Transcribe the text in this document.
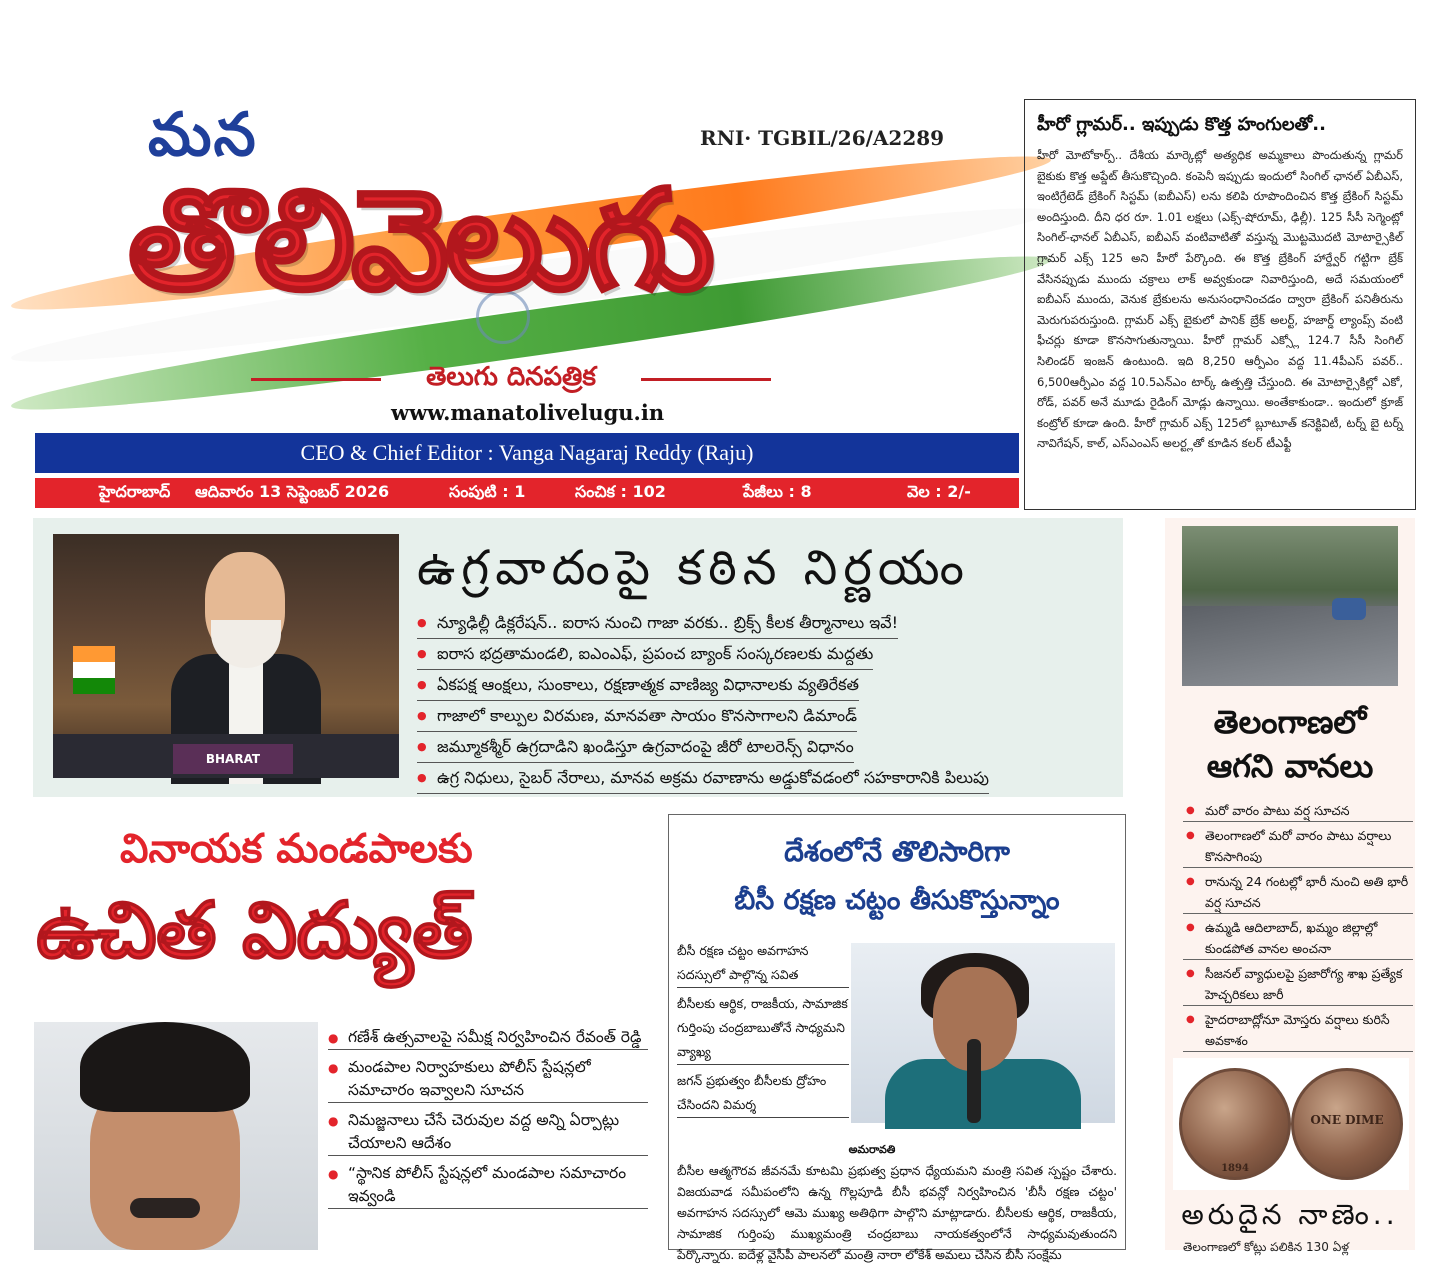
మన	RNI· TGBIL/26/A2289
తొలివెలుగు
తెలుగు దినపత్రిక
www.manatolivelugu.in
CEO & Chief Editor : Vanga Nagaraj Reddy (Raju)
హైదరాబాద్ ఆదివారం 13 సెప్టెంబర్ 2026	సంపుటి : 1	సంచిక : 102	పేజీలు : 8	వెల : 2/-
హీరో గ్లామర్.. ఇప్పుడు కొత్త హంగులతో..

హీరో మోటోకార్ప్.. దేశీయ మార్కెట్లో అత్యధిక అమ్మకాలు పొందుతున్న గ్లామర్ బైకుకు కొత్త అప్డేట్ తీసుకొచ్చింది. కంపెనీ ఇప్పుడు ఇందులో సింగిల్ ఛానల్ ఏబీఎస్, ఇంటిగ్రేటెడ్ బ్రేకింగ్ సిస్టమ్ (ఐబీఎస్) లను కలిపి రూపొందించిన కొత్త బ్రేకింగ్ సిస్టమ్ అందిస్తుంది. దీని ధర రూ. 1.01 లక్షలు (ఎక్స్-షోరూమ్, ఢిల్లీ). 125 సీసీ సెగ్మెంట్లో సింగిల్-ఛానల్ ఏబీఎస్, ఐబీఎస్ వంటివాటితో వస్తున్న మొట్టమొదటి మోటార్సైకిల్ గ్లామర్ ఎక్స్ 125 అని హీరో పేర్కొంది. ఈ కొత్త బ్రేకింగ్ హార్డ్వేర్ గట్టిగా బ్రేక్ వేసినప్పుడు ముందు చక్రాలు లాక్ అవ్వకుండా నివారిస్తుంది, అదే సమయంలో ఐబీఎస్ ముందు, వెనుక బ్రేకులను అనుసంధానించడం ద్వారా బ్రేకింగ్ పనితీరును మెరుగుపరుస్తుంది. గ్లామర్ ఎక్స్ బైకులో పానిక్ బ్రేక్ అలర్ట్, హజార్డ్ ల్యాంప్స్ వంటి ఫీచర్లు కూడా కొనసాగుతున్నాయి. హీరో గ్లామర్ ఎక్స్లో 124.7 సీసీ సింగిల్ సిలిండర్ ఇంజన్ ఉంటుంది. ఇది 8,250 ఆర్పీఎం వద్ద 11.4పీఎస్ పవర్.. 6,500ఆర్పీఎం వద్ద 10.5ఎన్ఎం టార్క్ ఉత్పత్తి చేస్తుంది. ఈ మోటార్సైకిల్లో ఎకో, రోడ్, పవర్ అనే మూడు రైడింగ్ మోడ్లు ఉన్నాయి. అంతేకాకుండా.. ఇందులో క్రూజ్ కంట్రోల్ కూడా ఉంది. హీరో గ్లామర్ ఎక్స్ 125లో బ్లూటూత్ కనెక్టివిటీ, టర్న్ బై టర్న్ నావిగేషన్, కాల్, ఎస్ఎంఎస్ అలర్ట్లతో కూడిన కలర్ టీఎఫ్టీ

BHARAT
ఉగ్రవాదంపై కఠిన నిర్ణయం
● న్యూఢిల్లీ డిక్లరేషన్.. ఐరాస నుంచి గాజా వరకు.. బ్రిక్స్ కీలక తీర్మానాలు ఇవే!
● ఐరాస భద్రతామండలి, ఐఎంఎఫ్, ప్రపంచ బ్యాంక్ సంస్కరణలకు మద్దతు
● ఏకపక్ష ఆంక్షలు, సుంకాలు, రక్షణాత్మక వాణిజ్య విధానాలకు వ్యతిరేకత
● గాజాలో కాల్పుల విరమణ, మానవతా సాయం కొనసాగాలని డిమాండ్
● జమ్మూకశ్మీర్ ఉగ్రదాడిని ఖండిస్తూ ఉగ్రవాదంపై జీరో టాలరెన్స్ విధానం
● ఉగ్ర నిధులు, సైబర్ నేరాలు, మానవ అక్రమ రవాణాను అడ్డుకోవడంలో సహకారానికి పిలుపు
తెలంగాణలో
ఆగని వానలు
● మరో వారం పాటు వర్ష సూచన
● తెలంగాణలో మరో వారం పాటు వర్షాలు కొనసాగింపు
● రానున్న 24 గంటల్లో భారీ నుంచి అతి భారీ వర్ష సూచన
● ఉమ్మడి ఆదిలాబాద్, ఖమ్మం జిల్లాల్లో కుండపోత వానల అంచనా
● సీజనల్ వ్యాధులపై ప్రజారోగ్య శాఖ ప్రత్యేక హెచ్చరికలు జారీ
● హైదరాబాద్లోనూ మోస్తరు వర్షాలు కురిసే అవకాశం
1894
ONE DIME
అరుదైన నాణెం..
తెలంగాణలో కోట్లు పలికిన 130 ఏళ్ల
వినాయక మండపాలకు
ఉచిత విద్యుత్
● గణేశ్ ఉత్సవాలపై సమీక్ష నిర్వహించిన రేవంత్ రెడ్డి
● మండపాల నిర్వాహకులు పోలీస్ స్టేషన్లలో సమాచారం ఇవ్వాలని సూచన
● నిమజ్జనాలు చేసే చెరువుల వద్ద అన్ని ఏర్పాట్లు చేయాలని ఆదేశం
● “స్థానిక పోలీస్ స్టేషన్లలో మండపాల సమాచారం ఇవ్వండి
దేశంలోనే తొలిసారిగా
బీసీ రక్షణ చట్టం తీసుకొస్తున్నాం
బీసీ రక్షణ చట్టం అవగాహన సదస్సులో పాల్గొన్న సవిత
బీసీలకు ఆర్థిక, రాజకీయ, సామాజిక గుర్తింపు చంద్రబాబుతోనే సాధ్యమని వ్యాఖ్య
జగన్ ప్రభుత్వం బీసీలకు ద్రోహం చేసిందని విమర్శ
అమరావతి
బీసీల ఆత్మగౌరవ జీవనమే కూటమి ప్రభుత్వ ప్రధాన ధ్యేయమని మంత్రి సవిత స్పష్టం చేశారు. విజయవాడ సమీపంలోని ఉన్న గొల్లపూడి బీసీ భవన్లో నిర్వహించిన 'బీసీ రక్షణ చట్టం' అవగాహన సదస్సులో ఆమె ముఖ్య అతిథిగా పాల్గొని మాట్లాడారు. బీసీలకు ఆర్థిక, రాజకీయ, సామాజిక గుర్తింపు ముఖ్యమంత్రి చంద్రబాబు నాయకత్వంలోనే సాధ్యమవుతుందని పేర్కొన్నారు. ఐదేళ్ల వైసీపీ పాలనలో మంత్రి నారా లోకేశ్ అమలు చేసిన బీసీ సంక్షేమ
